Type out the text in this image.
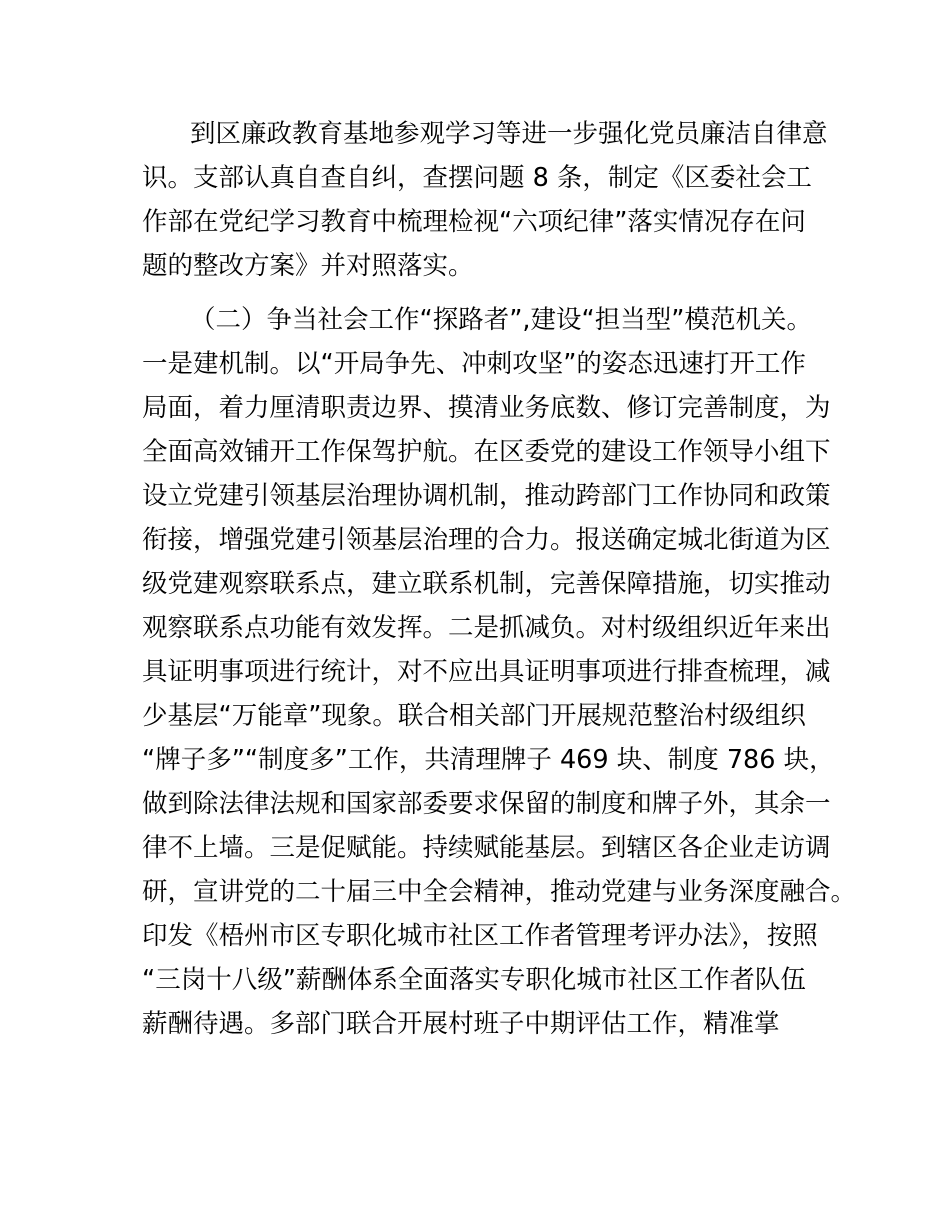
到区廉政教育基地参观学习等进一步强化党员廉洁自律意
识。支部认真自查自纠，查摆问题 8 条，制定《区委社会工
作部在党纪学习教育中梳理检视“六项纪律”落实情况存在问
题的整改方案》并对照落实。
（二）争当社会工作“探路者”,建设“担当型”模范机关。
一是建机制。以“开局争先、冲刺攻坚”的姿态迅速打开工作
局面，着力厘清职责边界、摸清业务底数、修订完善制度，为
全面高效铺开工作保驾护航。在区委党的建设工作领导小组下
设立党建引领基层治理协调机制，推动跨部门工作协同和政策
衔接，增强党建引领基层治理的合力。报送确定城北街道为区
级党建观察联系点，建立联系机制，完善保障措施，切实推动
观察联系点功能有效发挥。二是抓减负。对村级组织近年来出
具证明事项进行统计，对不应出具证明事项进行排查梳理，减
少基层“万能章”现象。联合相关部门开展规范整治村级组织
“牌子多”“制度多”工作，共清理牌子 469 块、制度 786 块，
做到除法律法规和国家部委要求保留的制度和牌子外，其余一
律不上墙。三是促赋能。持续赋能基层。到辖区各企业走访调
研，宣讲党的二十届三中全会精神，推动党建与业务深度融合。
印发《梧州市区专职化城市社区工作者管理考评办法》，按照
“三岗十八级”薪酬体系全面落实专职化城市社区工作者队伍
薪酬待遇。多部门联合开展村班子中期评估工作，精准掌
